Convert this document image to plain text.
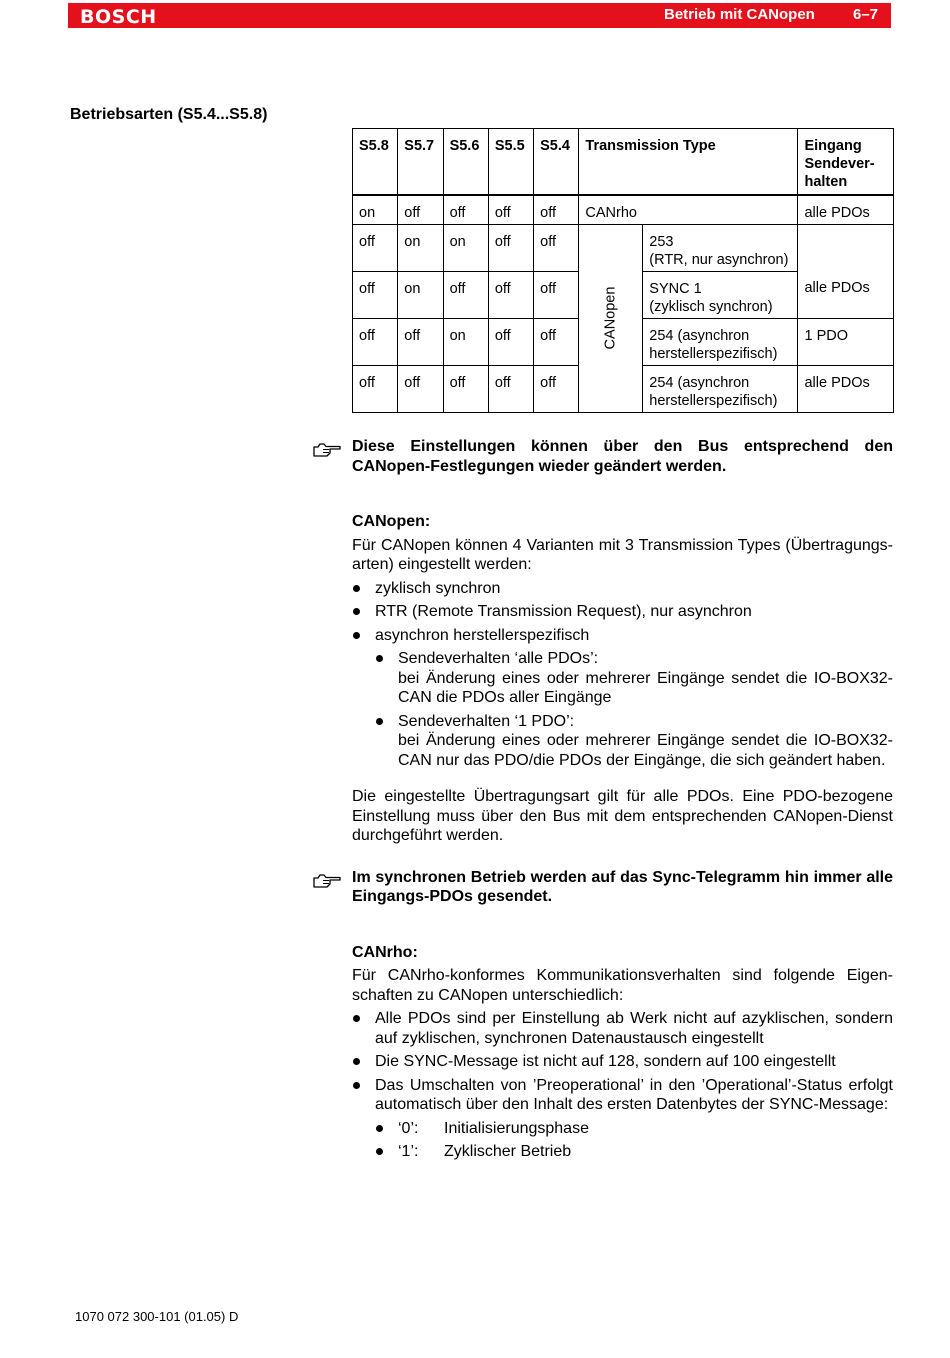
BOSCH	Betrieb mit CANopen	6–7
Betriebsarten (S5.4...S5.8)
S5.8	S5.7	S5.6	S5.5	S5.4	Transmission Type		Eingang
Sendever-
halten
on	off	off	off	off	CANrho		alle PDOs
off	on	on	off	off	CANopen	253
(RTR, nur asynchron)	
off	on	off	off	off		SYNC 1
(zyklisch synchron)	alle PDOs
off	off	on	off	off		254 (asynchron
herstellerspezifisch)	1 PDO
off	off	off	off	off		254 (asynchron
herstellerspezifisch)	alle PDOs
Diese Einstellungen können über den Bus entsprechend den CANopen-Festlegungen wieder geändert werden.
CANopen:

Für CANopen können 4 Varianten mit 3 Transmission Types (Übertragungs-arten) eingestellt werden:

zyklisch synchron
RTR (Remote Transmission Request), nur asynchron
asynchron herstellerspezifisch
Sendeverhalten ‘alle PDOs’:
bei Änderung eines oder mehrerer Eingänge sendet die IO-BOX32-CAN die PDOs aller Eingänge
Sendeverhalten ‘1 PDO’:
bei Änderung eines oder mehrerer Eingänge sendet die IO-BOX32-CAN nur das PDO/die PDOs der Eingänge, die sich geändert haben.

Die eingestellte Übertragungsart gilt für alle PDOs. Eine PDO-bezogene Einstellung muss über den Bus mit dem entsprechenden CANopen-Dienst durchgeführt werden.

Im synchronen Betrieb werden auf das Sync-Telegramm hin immer alle Eingangs-PDOs gesendet.
CANrho:

Für CANrho-konformes Kommunikationsverhalten sind folgende Eigen-schaften zu CANopen unterschiedlich:

Alle PDOs sind per Einstellung ab Werk nicht auf azyklischen, sondern auf zyklischen, synchronen Datenaustausch eingestellt
Die SYNC-Message ist nicht auf 128, sondern auf 100 eingestellt
Das Umschalten von ’Preoperational’ in den ’Operational’-Status erfolgt automatisch über den Inhalt des ersten Datenbytes der SYNC-Message:
‘0’: Initialisierungsphase
‘1’: Zyklischer Betrieb
1070 072 300-101 (01.05) D
